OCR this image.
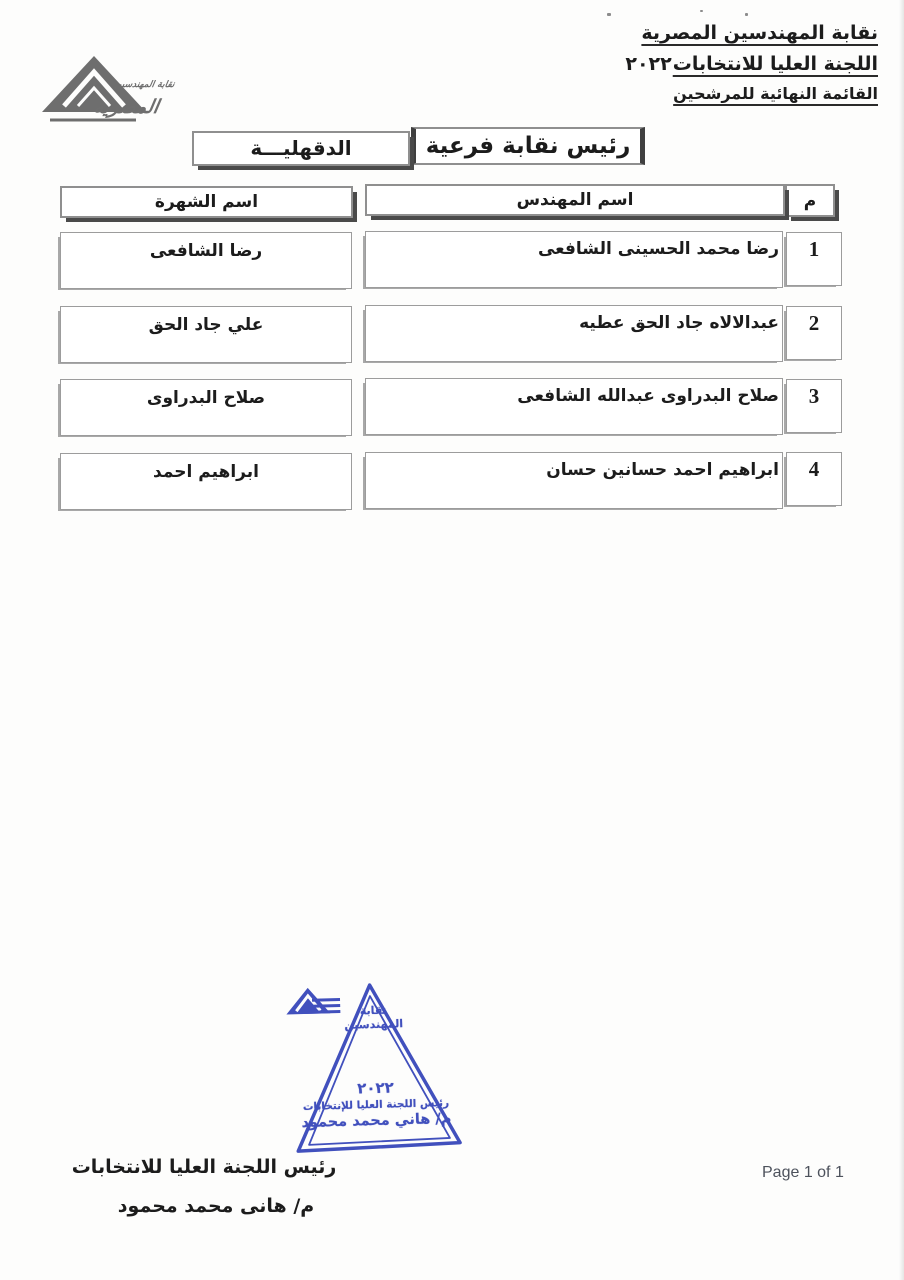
نقابة المهندسين
المصرية
نقابة المهندسين المصرية
اللجنة العليا للانتخابات٢٠٢٢
القائمة النهائية للمرشحين
رئيس نقابة فرعية
الدقهليـــة
م
اسم المهندس
اسم الشهرة
1
رضا محمد الحسينى الشافعى
رضا الشافعى
2
عبدالالاه جاد الحق عطيه
علي جاد الحق
3
صلاح البدراوى عبدالله الشافعى
صلاح البدراوى
4
ابراهيم احمد حسانين حسان
ابراهيم احمد
نقابة
المهندسين
٢٠٢٢
رئيس اللجنة العليا للإنتخابات
م/ هاني محمد محمود
رئيس اللجنة العليا للانتخابات
م/ هانى محمد محمود
Page 1 of 1
